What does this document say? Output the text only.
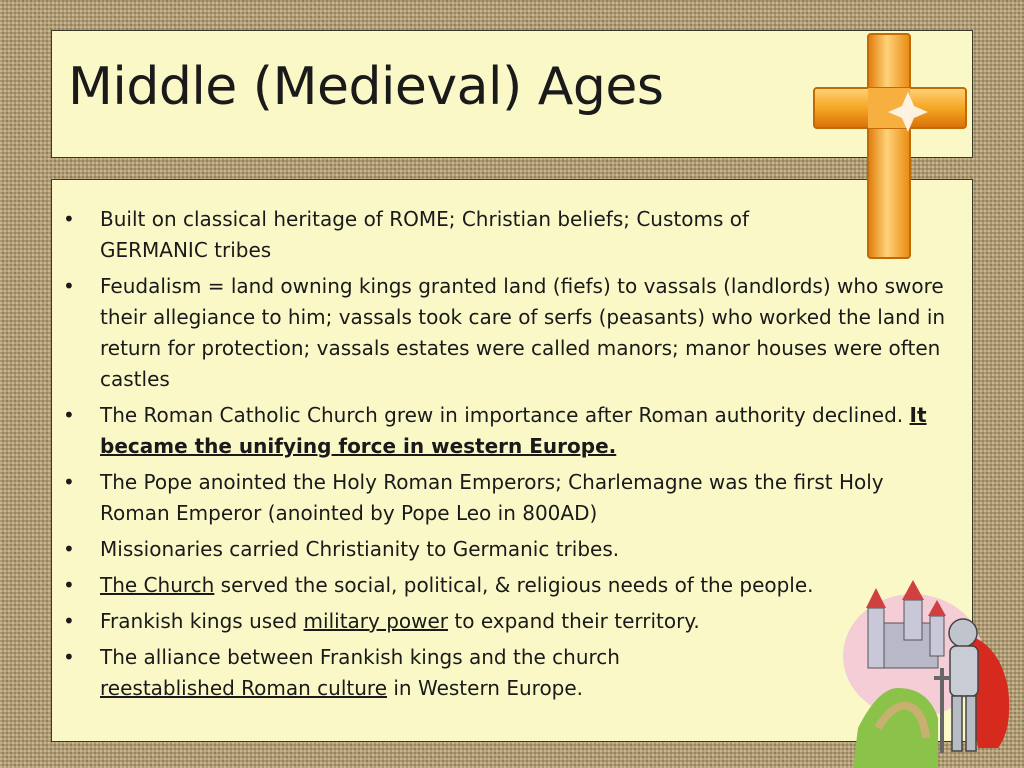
Middle (Medieval) Ages
• Built on classical heritage of ROME; Christian beliefs; Customs of GERMANIC tribes
• Feudalism = land owning kings granted land (fiefs) to vassals (landlords) who swore their allegiance to him; vassals took care of serfs (peasants) who worked the land in return for protection; vassals estates were called manors; manor houses were often castles
• The Roman Catholic Church grew in importance after Roman authority declined. It became the unifying force in western Europe.
• The Pope anointed the Holy Roman Emperors; Charlemagne was the first Holy Roman Emperor (anointed by Pope Leo in 800AD)
• Missionaries carried Christianity to Germanic tribes.
• The Church served the social, political, & religious needs of the people.
• Frankish kings used military power to expand their territory.
• The alliance between Frankish kings and the church
reestablished Roman culture in Western Europe.
